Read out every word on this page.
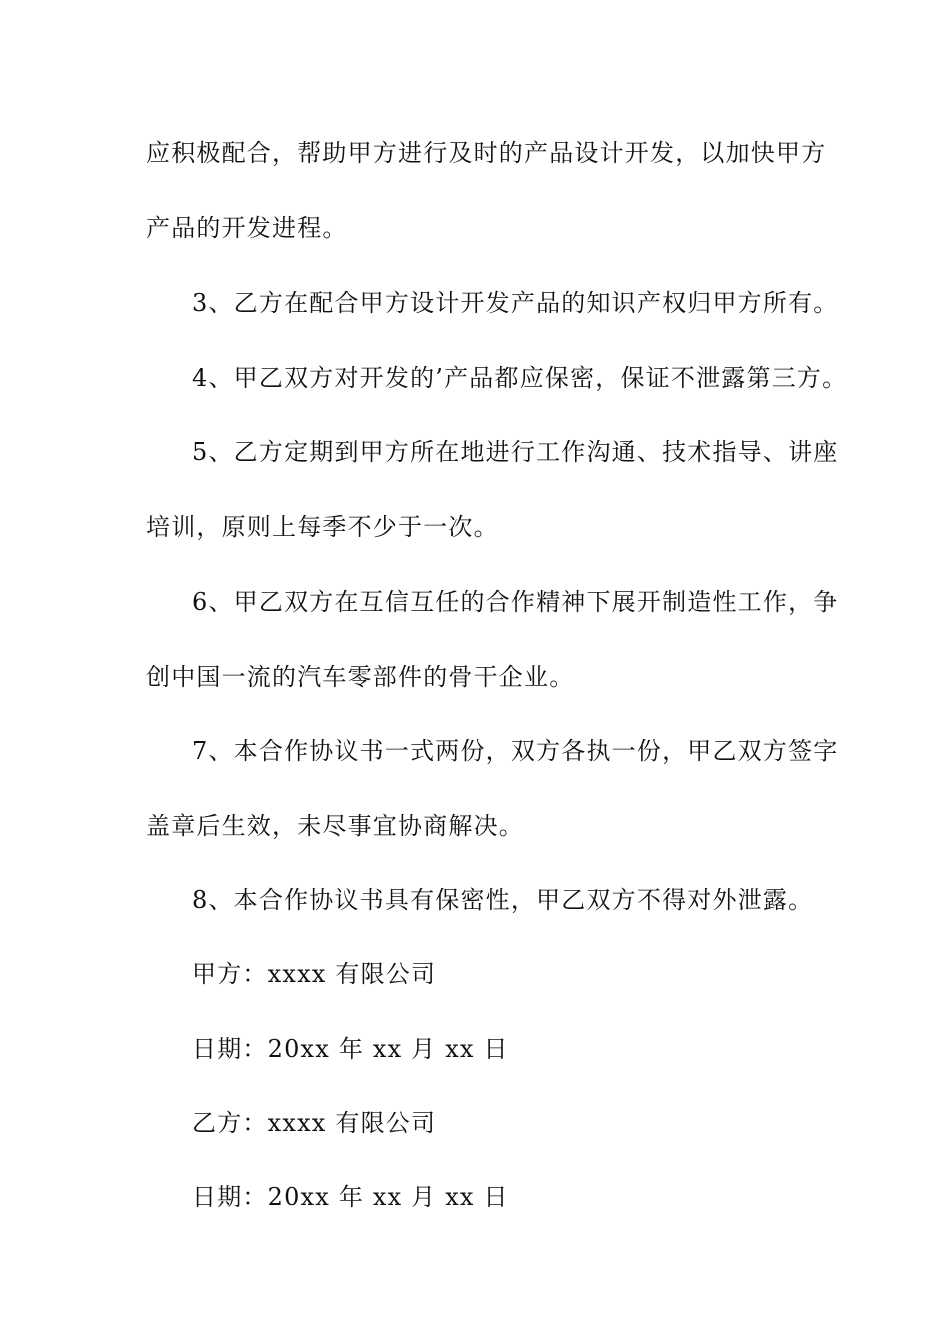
应积极配合，帮助甲方进行及时的产品设计开发，以加快甲方
产品的开发进程。
3、乙方在配合甲方设计开发产品的知识产权归甲方所有。
4、甲乙双方对开发的’产品都应保密，保证不泄露第三方。
5、乙方定期到甲方所在地进行工作沟通、技术指导、讲座
培训，原则上每季不少于一次。
6、甲乙双方在互信互任的合作精神下展开制造性工作，争
创中国一流的汽车零部件的骨干企业。
7、本合作协议书一式两份，双方各执一份，甲乙双方签字
盖章后生效，未尽事宜协商解决。
8、本合作协议书具有保密性，甲乙双方不得对外泄露。
甲方：xxxx 有限公司
日期：20xx 年 xx 月 xx 日
乙方：xxxx 有限公司
日期：20xx 年 xx 月 xx 日
